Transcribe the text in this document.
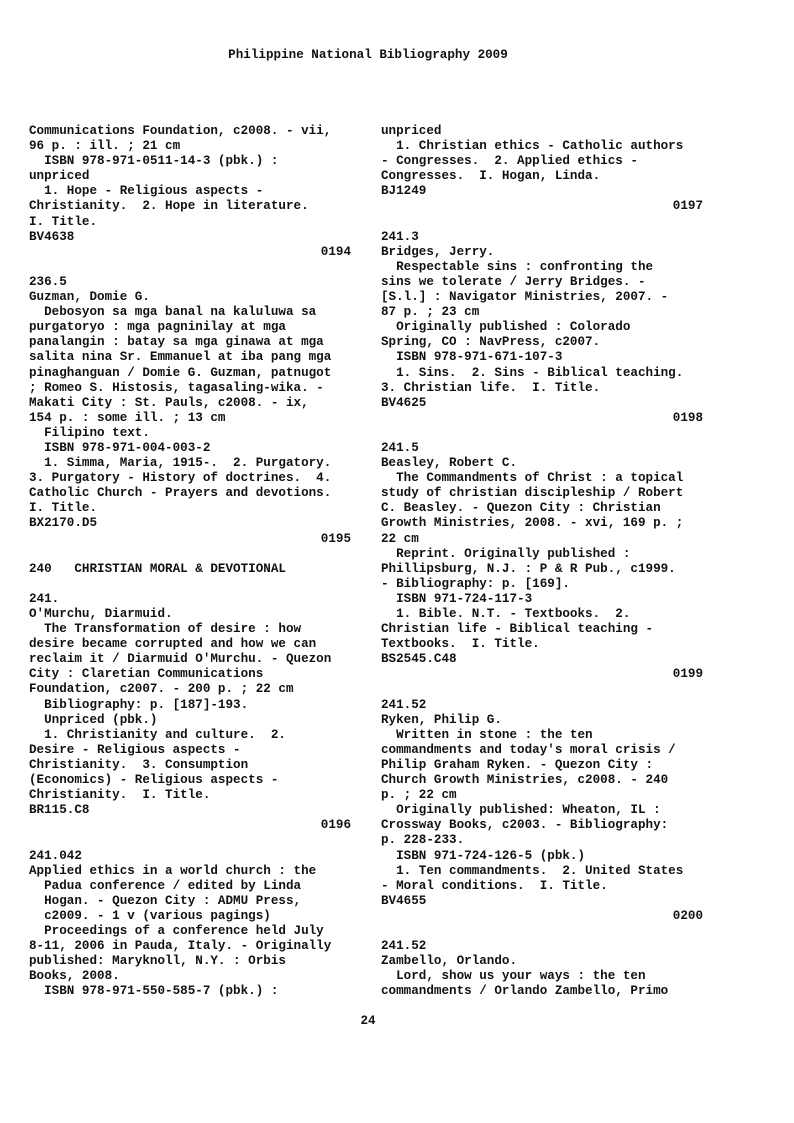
Philippine National Bibliography 2009
Communications Foundation, c2008. - vii,
96 p. : ill. ; 21 cm
ISBN 978-971-0511-14-3 (pbk.) :
unpriced
1. Hope - Religious aspects -
Christianity.  2. Hope in literature.
I. Title.
BV4638
0194
236.5
Guzman, Domie G.
Debosyon sa mga banal na kaluluwa sa
purgatoryo : mga pagninilay at mga
panalangin : batay sa mga ginawa at mga
salita nina Sr. Emmanuel at iba pang mga
pinaghanguan / Domie G. Guzman, patnugot
; Romeo S. Histosis, tagasaling-wika. -
Makati City : St. Pauls, c2008. - ix,
154 p. : some ill. ; 13 cm
Filipino text.
ISBN 978-971-004-003-2
1. Simma, Maria, 1915-.  2. Purgatory.
3. Purgatory - History of doctrines.  4.
Catholic Church - Prayers and devotions.
I. Title.
BX2170.D5
0195
240   CHRISTIAN MORAL & DEVOTIONAL
241.
O'Murchu, Diarmuid.
The Transformation of desire : how
desire became corrupted and how we can
reclaim it / Diarmuid O'Murchu. - Quezon
City : Claretian Communications
Foundation, c2007. - 200 p. ; 22 cm
Bibliography: p. [187]-193.
Unpriced (pbk.)
1. Christianity and culture.  2.
Desire - Religious aspects -
Christianity.  3. Consumption
(Economics) - Religious aspects -
Christianity.  I. Title.
BR115.C8
0196
241.042
Applied ethics in a world church : the
Padua conference / edited by Linda
Hogan. - Quezon City : ADMU Press,
c2009. - 1 v (various pagings)
Proceedings of a conference held July
8-11, 2006 in Pauda, Italy. - Originally
published: Maryknoll, N.Y. : Orbis
Books, 2008.
ISBN 978-971-550-585-7 (pbk.) :
unpriced
1. Christian ethics - Catholic authors
- Congresses.  2. Applied ethics -
Congresses.  I. Hogan, Linda.
BJ1249
0197
241.3
Bridges, Jerry.
Respectable sins : confronting the
sins we tolerate / Jerry Bridges. -
[S.l.] : Navigator Ministries, 2007. -
87 p. ; 23 cm
Originally published : Colorado
Spring, CO : NavPress, c2007.
ISBN 978-971-671-107-3
1. Sins.  2. Sins - Biblical teaching.
3. Christian life.  I. Title.
BV4625
0198
241.5
Beasley, Robert C.
The Commandments of Christ : a topical
study of christian discipleship / Robert
C. Beasley. - Quezon City : Christian
Growth Ministries, 2008. - xvi, 169 p. ;
22 cm
Reprint. Originally published :
Phillipsburg, N.J. : P & R Pub., c1999.
- Bibliography: p. [169].
ISBN 971-724-117-3
1. Bible. N.T. - Textbooks.  2.
Christian life - Biblical teaching -
Textbooks.  I. Title.
BS2545.C48
0199
241.52
Ryken, Philip G.
Written in stone : the ten
commandments and today's moral crisis /
Philip Graham Ryken. - Quezon City :
Church Growth Ministries, c2008. - 240
p. ; 22 cm
Originally published: Wheaton, IL :
Crossway Books, c2003. - Bibliography:
p. 228-233.
ISBN 971-724-126-5 (pbk.)
1. Ten commandments.  2. United States
- Moral conditions.  I. Title.
BV4655
0200
241.52
Zambello, Orlando.
Lord, show us your ways : the ten
commandments / Orlando Zambello, Primo
24
